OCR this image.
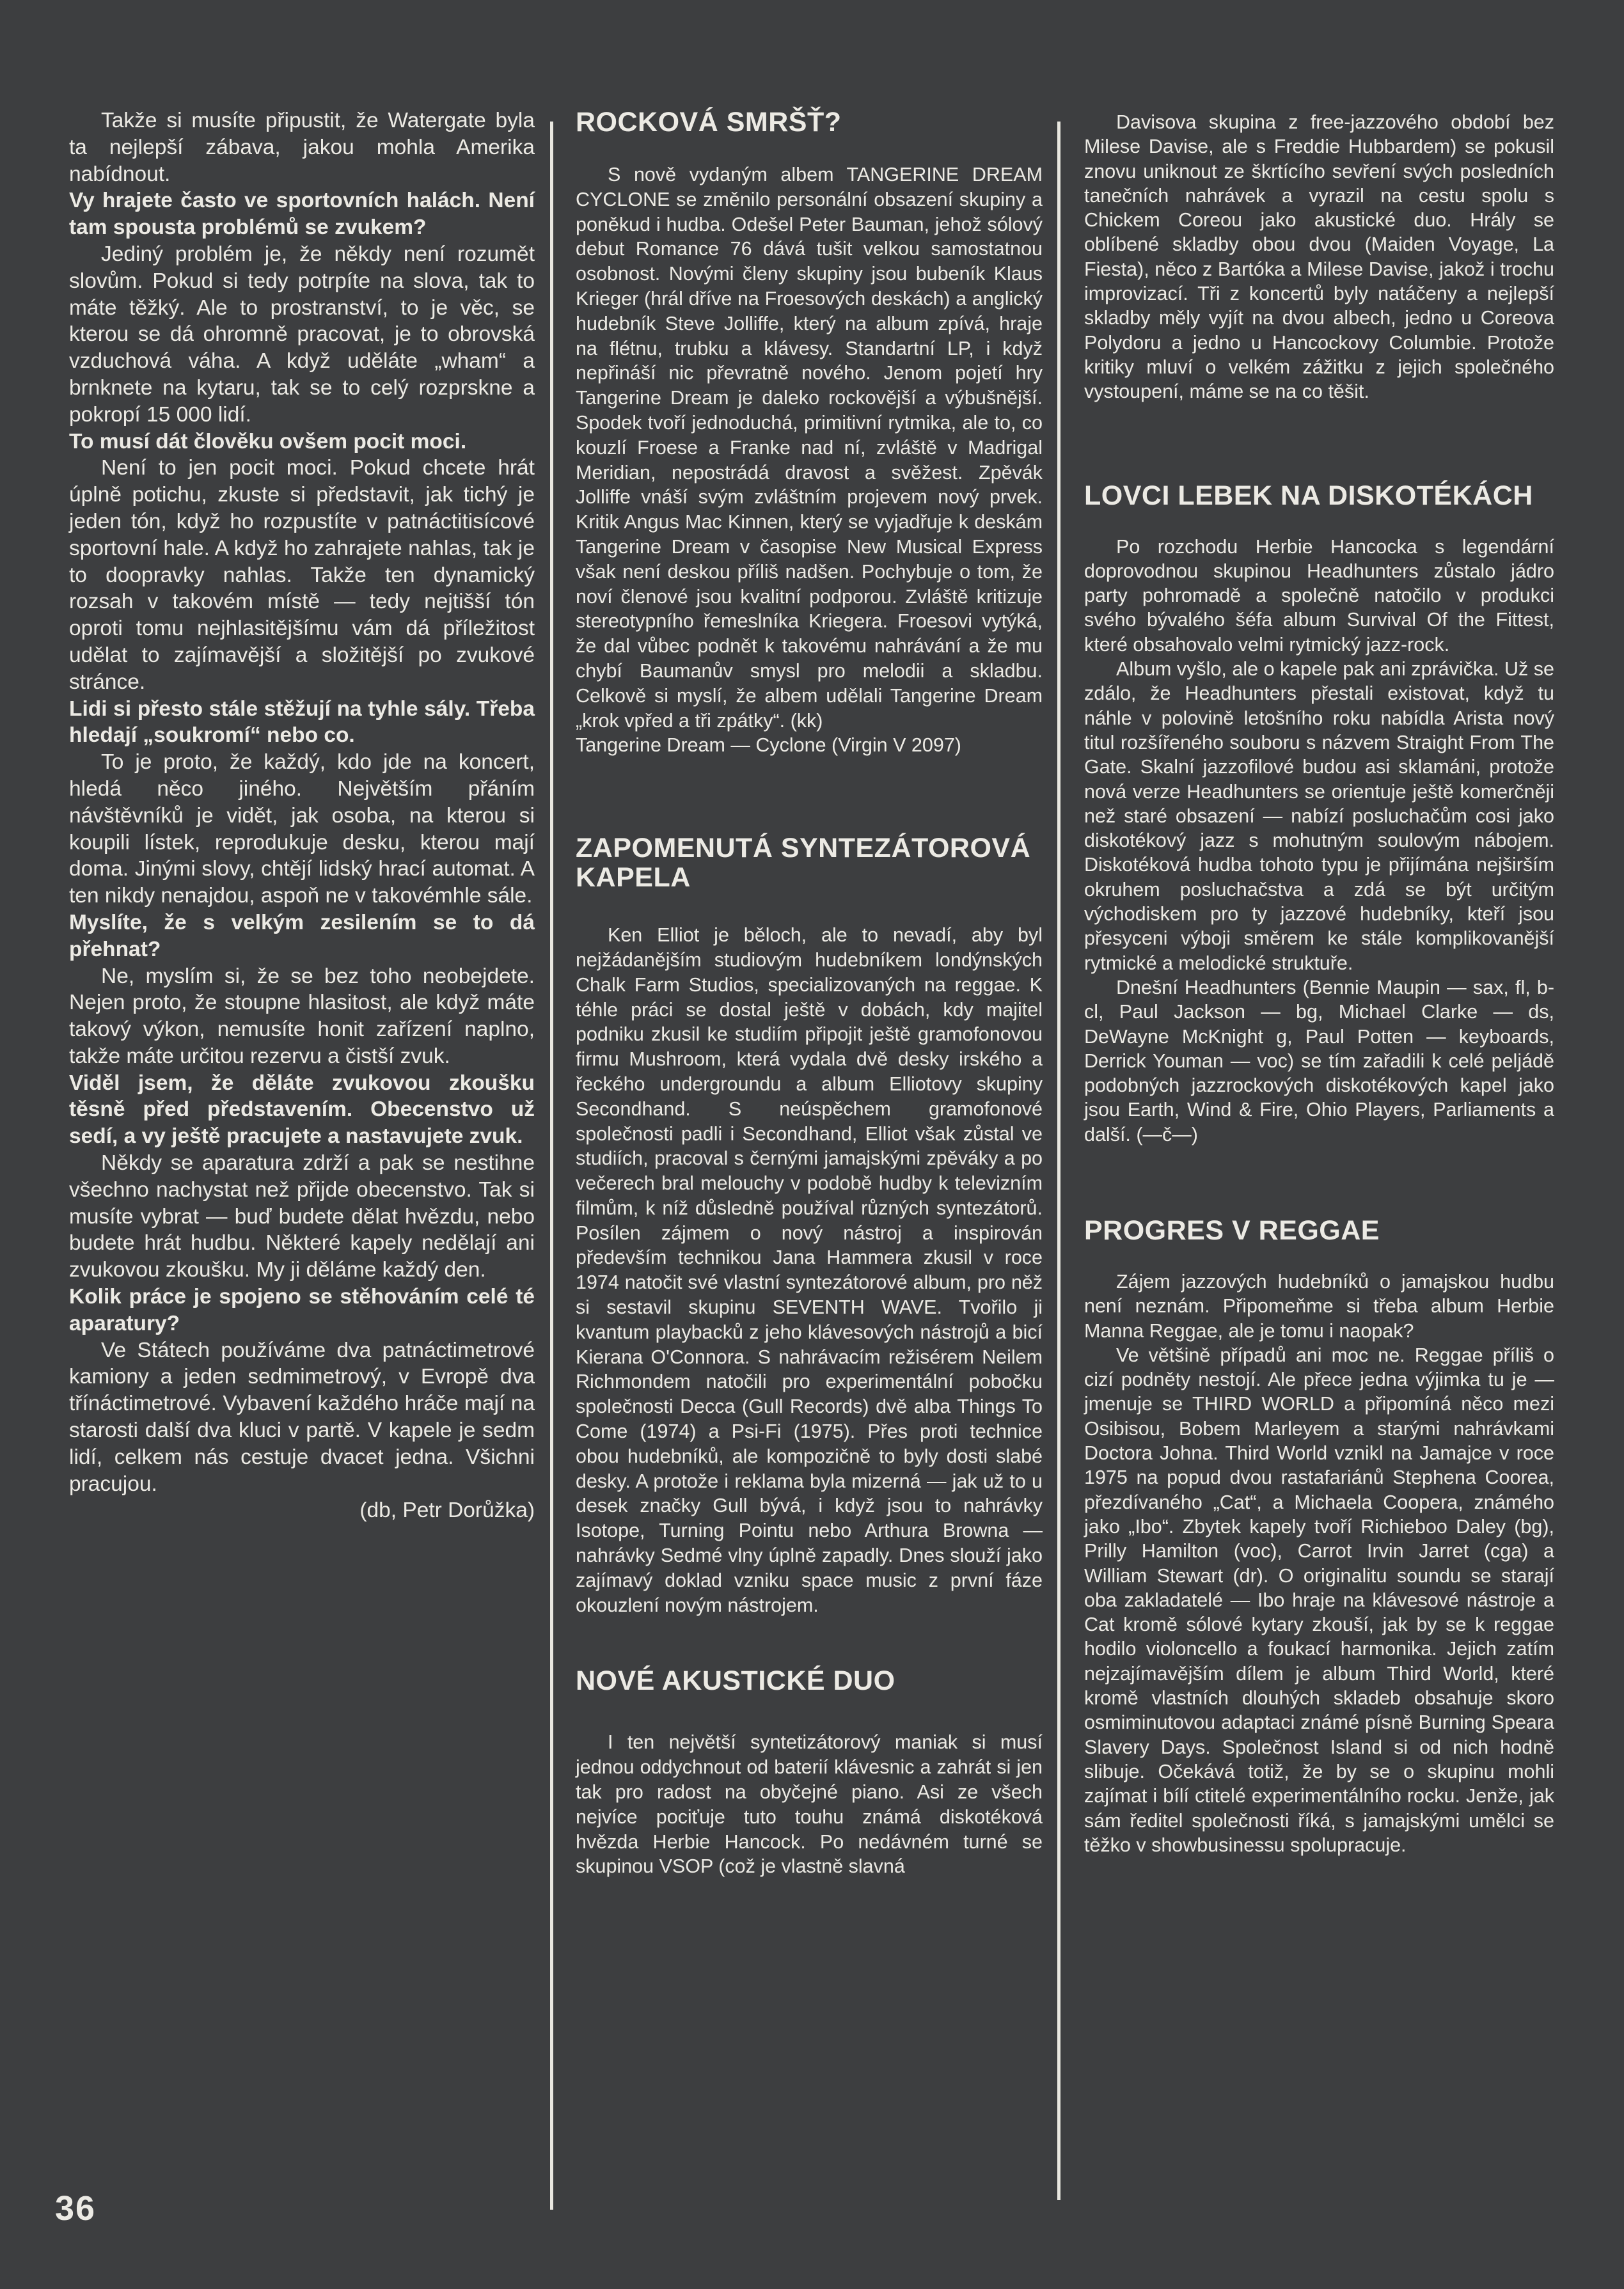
Takže si musíte připustit, že Watergate byla ta nejlepší zábava, jakou mohla Amerika nabídnout.

Vy hrajete často ve sportovních halách. Není tam spousta problémů se zvukem?

Jediný problém je, že někdy není rozumět slovům. Pokud si tedy potrpíte na slova, tak to máte těžký. Ale to prostranství, to je věc, se kterou se dá ohromně pracovat, je to obrovská vzduchová váha. A když uděláte „wham“ a brnknete na kytaru, tak se to celý rozprskne a pokropí 15 000 lidí.

To musí dát člověku ovšem pocit moci.

Není to jen pocit moci. Pokud chcete hrát úplně potichu, zkuste si představit, jak tichý je jeden tón, když ho rozpustíte v patnáctitisícové sportovní hale. A když ho zahrajete nahlas, tak je to doopravky nahlas. Takže ten dynamický rozsah v takovém místě — tedy nejtišší tón oproti tomu nejhlasitějšímu vám dá příležitost udělat to zajímavější a složitější po zvukové stránce.

Lidi si přesto stále stěžují na tyhle sály. Třeba hledají „soukromí“ nebo co.

To je proto, že každý, kdo jde na koncert, hledá něco jiného. Největším přáním návštěvníků je vidět, jak osoba, na kterou si koupili lístek, reprodukuje desku, kterou mají doma. Jinými slovy, chtějí lidský hrací automat. A ten nikdy nenajdou, aspoň ne v takovémhle sále.

Myslíte, že s velkým zesilením se to dá přehnat?

Ne, myslím si, že se bez toho neobejdete. Nejen proto, že stoupne hlasitost, ale když máte takový výkon, nemusíte honit zařízení naplno, takže máte určitou rezervu a čistší zvuk.

Viděl jsem, že děláte zvukovou zkoušku těsně před představením. Obecenstvo už sedí, a vy ještě pracujete a nastavujete zvuk.

Někdy se aparatura zdrží a pak se nestihne všechno nachystat než přijde obecenstvo. Tak si musíte vybrat — buď budete dělat hvězdu, nebo budete hrát hudbu. Některé kapely nedělají ani zvukovou zkoušku. My ji děláme každý den.

Kolik práce je spojeno se stěhováním celé té aparatury?

Ve Státech používáme dva patnáctimetrové kamiony a jeden sedmimetrový, v Evropě dva třínáctimetrové. Vybavení každého hráče mají na starosti další dva kluci v partě. V kapele je sedm lidí, celkem nás cestuje dvacet jedna. Všichni pracujou.

(db, Petr Dorůžka)

ROCKOVÁ SMRŠŤ?

S nově vydaným albem TANGERINE DREAM CYCLONE se změnilo personální obsazení skupiny a poněkud i hudba. Odešel Peter Bauman, jehož sólový debut Romance 76 dává tušit velkou samostatnou osobnost. Novými členy skupiny jsou bubeník Klaus Krieger (hrál dříve na Froesových deskách) a anglický hudebník Steve Jolliffe, který na album zpívá, hraje na flétnu, trubku a klávesy. Standartní LP, i když nepřináší nic převratně nového. Jenom pojetí hry Tangerine Dream je daleko rockovější a výbušnější. Spodek tvoří jednoduchá, primitivní rytmika, ale to, co kouzlí Froese a Franke nad ní, zvláště v Madrigal Meridian, nepostrádá dravost a svěžest. Zpěvák Jolliffe vnáší svým zvláštním projevem nový prvek. Kritik Angus Mac Kinnen, který se vyjadřuje k deskám Tangerine Dream v časopise New Musical Express však není deskou příliš nadšen. Pochybuje o tom, že noví členové jsou kvalitní podporou. Zvláště kritizuje stereotypního řemeslníka Kriegera. Froesovi vytýká, že dal vůbec podnět k takovému nahrávání a že mu chybí Baumanův smysl pro melodii a skladbu. Celkově si myslí, že albem udělali Tangerine Dream „krok vpřed a tři zpátky“. (kk)

Tangerine Dream — Cyclone (Virgin V 2097)

ZAPOMENUTÁ SYNTEZÁTOROVÁ KAPELA

Ken Elliot je běloch, ale to nevadí, aby byl nejžádanějším studiovým hudebníkem londýnských Chalk Farm Studios, specializovaných na reggae. K téhle práci se dostal ještě v dobách, kdy majitel podniku zkusil ke studiím připojit ještě gramofonovou firmu Mushroom, která vydala dvě desky irského a řeckého undergroundu a album Elliotovy skupiny Secondhand. S neúspěchem gramofonové společnosti padli i Secondhand, Elliot však zůstal ve studiích, pracoval s černými jamajskými zpěváky a po večerech bral melouchy v podobě hudby k televizním filmům, k níž důsledně používal různých syntezátorů. Posílen zájmem o nový nástroj a inspirován především technikou Jana Hammera zkusil v roce 1974 natočit své vlastní syntezátorové album, pro něž si sestavil skupinu SEVENTH WAVE. Tvořilo ji kvantum playbacků z jeho klávesových nástrojů a bicí Kierana O'Connora. S nahrávacím režisérem Neilem Richmondem natočili pro experimentální pobočku společnosti Decca (Gull Records) dvě alba Things To Come (1974) a Psi-Fi (1975). Přes proti technice obou hudebníků, ale kompozičně to byly dosti slabé desky. A protože i reklama byla mizerná — jak už to u desek značky Gull bývá, i když jsou to nahrávky Isotope, Turning Pointu nebo Arthura Browna — nahrávky Sedmé vlny úplně zapadly. Dnes slouží jako zajímavý doklad vzniku space music z první fáze okouzlení novým nástrojem.

NOVÉ AKUSTICKÉ DUO

I ten největší syntetizátorový maniak si musí jednou oddychnout od baterií klávesnic a zahrát si jen tak pro radost na obyčejné piano. Asi ze všech nejvíce pociťuje tuto touhu známá diskotéková hvězda Herbie Hancock. Po nedávném turné se skupinou VSOP (což je vlastně slavná

Davisova skupina z free-jazzového období bez Milese Davise, ale s Freddie Hubbardem) se pokusil znovu uniknout ze škrtícího sevření svých posledních tanečních nahrávek a vyrazil na cestu spolu s Chickem Coreou jako akustické duo. Hrály se oblíbené skladby obou dvou (Maiden Voyage, La Fiesta), něco z Bartóka a Milese Davise, jakož i trochu improvizací. Tři z koncertů byly natáčeny a nejlepší skladby měly vyjít na dvou albech, jedno u Coreova Polydoru a jedno u Hancockovy Columbie. Protože kritiky mluví o velkém zážitku z jejich společného vystoupení, máme se na co těšit.

LOVCI LEBEK NA DISKOTÉKÁCH

Po rozchodu Herbie Hancocka s legendární doprovodnou skupinou Headhunters zůstalo jádro party pohromadě a společně natočilo v produkci svého bývalého šéfa album Survival Of the Fittest, které obsahovalo velmi rytmický jazz-rock.

Album vyšlo, ale o kapele pak ani zprávička. Už se zdálo, že Headhunters přestali existovat, když tu náhle v polovině letošního roku nabídla Arista nový titul rozšířeného souboru s názvem Straight From The Gate. Skalní jazzofilové budou asi sklamáni, protože nová verze Headhunters se orientuje ještě komerčněji než staré obsazení — nabízí posluchačům cosi jako diskotékový jazz s mohutným soulovým nábojem. Diskotéková hudba tohoto typu je přijímána nejširším okruhem posluchačstva a zdá se být určitým východiskem pro ty jazzové hudebníky, kteří jsou přesyceni výboji směrem ke stále komplikovanější rytmické a melodické struktuře.

Dnešní Headhunters (Bennie Maupin — sax, fl, b-cl, Paul Jackson — bg, Michael Clarke — ds, DeWayne McKnight g, Paul Potten — keyboards, Derrick Youman — voc) se tím zařadili k celé peljádě podobných jazzrockových diskotékových kapel jako jsou Earth, Wind & Fire, Ohio Players, Parliaments a další. (—č—)

PROGRES V REGGAE

Zájem jazzových hudebníků o jamajskou hudbu není neznám. Připomeňme si třeba album Herbie Manna Reggae, ale je tomu i naopak?

Ve většině případů ani moc ne. Reggae příliš o cizí podněty nestojí. Ale přece jedna výjimka tu je — jmenuje se THIRD WORLD a připomíná něco mezi Osibisou, Bobem Marleyem a starými nahrávkami Doctora Johna. Third World vznikl na Jamajce v roce 1975 na popud dvou rastafariánů Stephena Coorea, přezdívaného „Cat“, a Michaela Coopera, známého jako „Ibo“. Zbytek kapely tvoří Richieboo Daley (bg), Prilly Hamilton (voc), Carrot Irvin Jarret (cga) a William Stewart (dr). O originalitu soundu se starají oba zakladatelé — Ibo hraje na klávesové nástroje a Cat kromě sólové kytary zkouší, jak by se k reggae hodilo violoncello a foukací harmonika. Jejich zatím nejzajímavějším dílem je album Third World, které kromě vlastních dlouhých skladeb obsahuje skoro osmiminutovou adaptaci známé písně Burning Speara Slavery Days. Společnost Island si od nich hodně slibuje. Očekává totiž, že by se o skupinu mohli zajímat i bílí ctitelé experimentálního rocku. Jenže, jak sám ředitel společnosti říká, s jamajskými umělci se těžko v showbusinessu spolupracuje.

36
